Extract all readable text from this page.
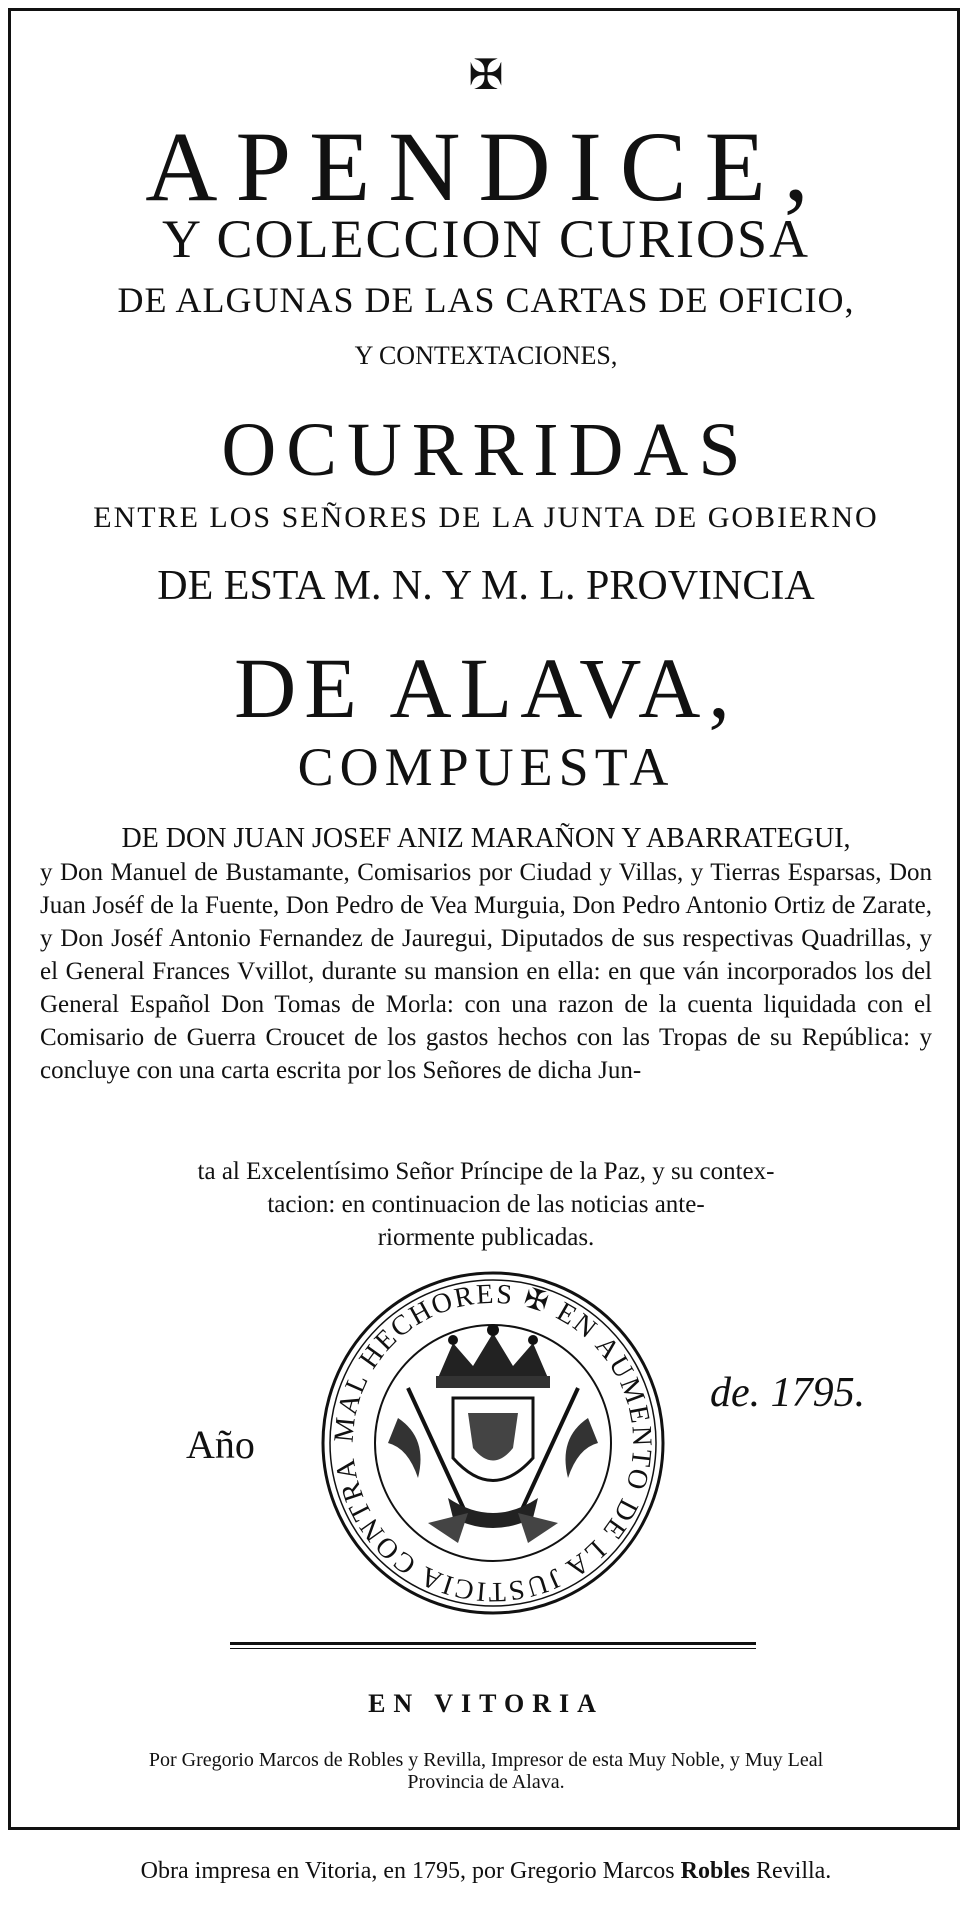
✠
APENDICE,
Y COLECCION CURIOSA
DE ALGUNAS DE LAS CARTAS DE OFICIO,
Y CONTEXTACIONES,
OCURRIDAS
ENTRE LOS SEÑORES DE LA JUNTA DE GOBIERNO
DE ESTA M. N. Y M. L. PROVINCIA
DE ALAVA,
COMPUESTA
DE DON JUAN JOSEF ANIZ MARAÑON Y ABARRATEGUI,
y Don Manuel de Bustamante, Comisarios por Ciudad y Villas, y Tierras Esparsas, Don Juan Joséf de la Fuente, Don Pedro de Vea Murguia, Don Pedro Antonio Ortiz de Zarate, y Don Joséf Antonio Fernandez de Jauregui, Diputados de sus respectivas Quadrillas, y el General Frances Vvillot, durante su mansion en ella: en que ván incorporados los del General Español Don Tomas de Morla: con una razon de la cuenta liquidada con el Comisario de Guerra Croucet de los gastos hechos con las Tropas de su República: y concluye con una carta escrita por los Señores de dicha Jun-
ta al Excelentísimo Señor Príncipe de la Paz, y su contex-
tacion: en continuacion de las noticias ante-
riormente publicadas.
Año
de. 1795.
MAL HECHORES ✠ EN AUMENTO DE LA JUSTICIA CONTRA
EN VITORIA
Por Gregorio Marcos de Robles y Revilla, Impresor de esta Muy Noble, y Muy Leal
Provincia de Alava.
Obra impresa en Vitoria, en 1795, por Gregorio Marcos Robles Revilla.
